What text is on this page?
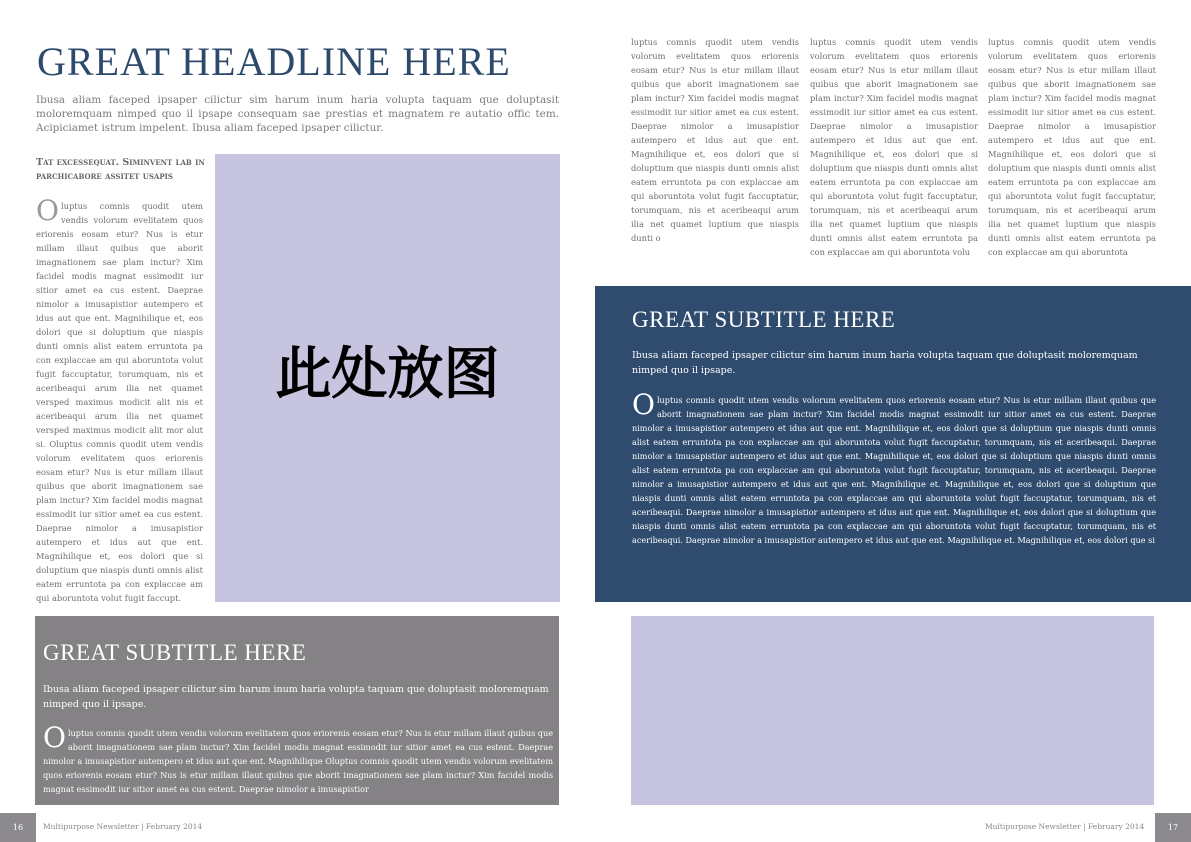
GREAT HEADLINE HERE
Ibusa aliam faceped ipsaper cilictur sim harum inum haria volupta taquam que doluptasit moloremquam nimped quo il ipsape consequam sae prestias et magnatem re autatio offic tem. Acipiciamet istrum impelent. Ibusa aliam faceped ipsaper cilictur.
Tat excessequat. Siminvent lab in parchicabore assitet usapis
Oluptus comnis quodit utem vendis volorum evelitatem quos eriorenis eosam etur? Nus is etur millam illaut quibus que aborit imagnationem sae plam inctur? Xim facidel modis magnat essimodit iur sitior amet ea cus estent. Daeprae nimolor a imusapistior autempero et idus aut que ent. Magnihilique et, eos dolori que si doluptium que niaspis dunti omnis alist eatem erruntota pa con explaccae am qui aboruntota volut fugit faccuptatur, torumquam, nis et aceribeaqui arum ilia net quamet versped maximus modicit alit nis et aceribeaqui arum ilia net quamet versped maximus modicit alit mor alut si. Oluptus comnis quodit utem vendis volorum evelitatem quos eriorenis eosam etur? Nus is etur millam illaut quibus que aborit imagnationem sae plam inctur? Xim facidel modis magnat essimodit iur sitior amet ea cus estent. Daeprae nimolor a imusapistior autempero et idus aut que ent. Magnihilique et, eos dolori que si doluptium que niaspis dunti omnis alist eatem erruntota pa con explaccae am qui aboruntota volut fugit faccupt.
此处放图
GREAT SUBTITLE HERE
Ibusa aliam faceped ipsaper cilictur sim harum inum haria volupta taquam que doluptasit moloremquam nimped quo il ipsape.
Oluptus comnis quodit utem vendis volorum evelitatem quos eriorenis eosam etur? Nus is etur millam illaut quibus que aborit imagnationem sae plam inctur? Xim facidel modis magnat essimodit iur sitior amet ea cus estent. Daeprae nimolor a imusapistior autempero et idus aut que ent. Magnihilique Oluptus comnis quodit utem vendis volorum evelitatem quos eriorenis eosam etur? Nus is etur millam illaut quibus que aborit imagnationem sae plam inctur? Xim facidel modis magnat essimodit iur sitior amet ea cus estent. Daeprae nimolor a imusapistior
16	Multipurpose Newsletter | February 2014
luptus comnis quodit utem vendis volorum evelitatem quos eriorenis eosam etur? Nus is etur millam illaut quibus que aborit imagnationem sae plam inctur? Xim facidel modis magnat essimodit iur sitior amet ea cus estent. Daeprae nimolor a imusapistior autempero et idus aut que ent. Magnihilique et, eos dolori que si doluptium que niaspis dunti omnis alist eatem erruntota pa con explaccae am qui aboruntota volut fugit faccuptatur, torumquam, nis et aceribeaqui arum ilia net quamet luptium que niaspis dunti o
luptus comnis quodit utem vendis volorum evelitatem quos eriorenis eosam etur? Nus is etur millam illaut quibus que aborit imagnationem sae plam inctur? Xim facidel modis magnat essimodit iur sitior amet ea cus estent. Daeprae nimolor a imusapistior autempero et idus aut que ent. Magnihilique et, eos dolori que si doluptium que niaspis dunti omnis alist eatem erruntota pa con explaccae am qui aboruntota volut fugit faccuptatur, torumquam, nis et aceribeaqui arum ilia net quamet luptium que niaspis dunti omnis alist eatem erruntota pa con explaccae am qui aboruntota volu
luptus comnis quodit utem vendis volorum evelitatem quos eriorenis eosam etur? Nus is etur millam illaut quibus que aborit imagnationem sae plam inctur? Xim facidel modis magnat essimodit iur sitior amet ea cus estent. Daeprae nimolor a imusapistior autempero et idus aut que ent. Magnihilique et, eos dolori que si doluptium que niaspis dunti omnis alist eatem erruntota pa con explaccae am qui aboruntota volut fugit faccuptatur, torumquam, nis et aceribeaqui arum ilia net quamet luptium que niaspis dunti omnis alist eatem erruntota pa con explaccae am qui aboruntota
GREAT SUBTITLE HERE
Ibusa aliam faceped ipsaper cilictur sim harum inum haria volupta taquam que doluptasit moloremquam nimped quo il ipsape.
Oluptus comnis quodit utem vendis volorum evelitatem quos eriorenis eosam etur? Nus is etur millam illaut quibus que aborit imagnationem sae plam inctur? Xim facidel modis magnat essimodit iur sitior amet ea cus estent. Daeprae nimolor a imusapistior autempero et idus aut que ent. Magnihilique et, eos dolori que si doluptium que niaspis dunti omnis alist eatem erruntota pa con explaccae am qui aboruntota volut fugit faccuptatur, torumquam, nis et aceribeaqui. Daeprae nimolor a imusapistior autempero et idus aut que ent. Magnihilique et, eos dolori que si doluptium que niaspis dunti omnis alist eatem erruntota pa con explaccae am qui aboruntota volut fugit faccuptatur, torumquam, nis et aceribeaqui. Daeprae nimolor a imusapistior autempero et idus aut que ent. Magnihilique et. Magnihilique et, eos dolori que si doluptium que niaspis dunti omnis alist eatem erruntota pa con explaccae am qui aboruntota volut fugit faccuptatur, torumquam, nis et aceribeaqui. Daeprae nimolor a imusapistior autempero et idus aut que ent. Magnihilique et, eos dolori que si doluptium que niaspis dunti omnis alist eatem erruntota pa con explaccae am qui aboruntota volut fugit faccuptatur, torumquam, nis et aceribeaqui. Daeprae nimolor a imusapistior autempero et idus aut que ent. Magnihilique et. Magnihilique et, eos dolori que si
Multipurpose Newsletter | February 2014	17
